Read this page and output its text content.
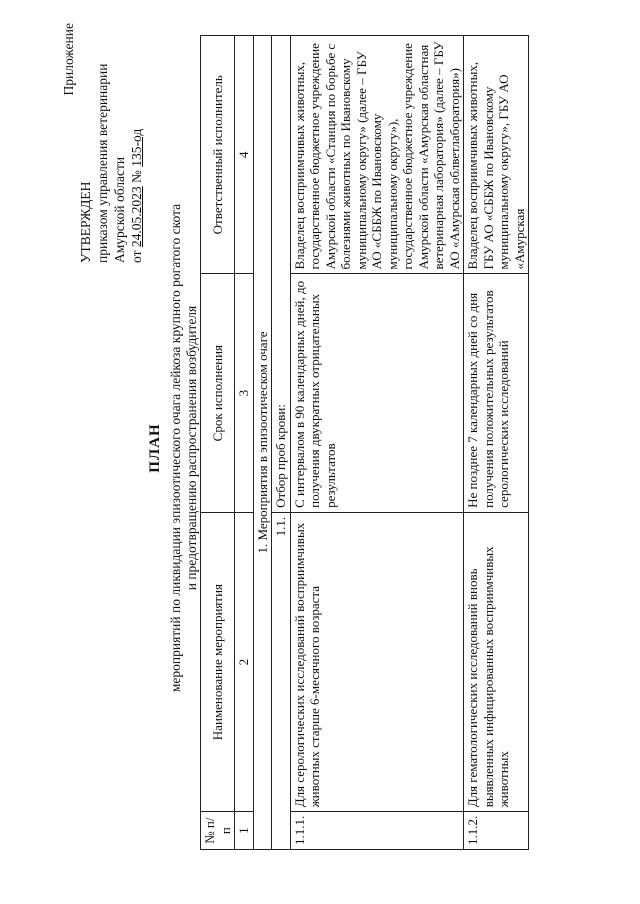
Приложение
УТВЕРЖДЕН приказом управления ветеринарии Амурской области от 24.05.2023 № 135-од
ПЛАН мероприятий по ликвидации эпизоотического очага лейкоза крупного рогатого скота и предотвращению распространения возбудителя
№ п/п	Наименование мероприятия	Срок исполнения	Ответственный исполнитель
1	2	3	4
1. Мероприятия в эпизоотическом очаге			
1.1.		Отбор проб крови:	
1.1.1.	Для серологических исследований восприимчивых животных старше 6-месячного возраста	С интервалом в 90 календарных дней, до получения двукратных отрицательных результатов	Владелец восприимчивых животных, государственное бюджетное учреждение Амурской области «Станция по борьбе с болезнями животных по Ивановскому муниципальному округу» (далее – ГБУ АО «СББЖ по Ивановскому муниципальному округу»), государственное бюджетное учреждение Амурской области «Амурская областная ветеринарная лаборатория» (далее – ГБУ АО «Амурская облветлаборатория»)
1.1.2.	Для гематологических исследований вновь выявленных инфицированных восприимчивых животных	Не позднее 7 календарных дней со дня получения положительных результатов серологических исследований	Владелец восприимчивых животных, ГБУ АО «СББЖ по Ивановскому муниципальному округу», ГБУ АО «Амурская
